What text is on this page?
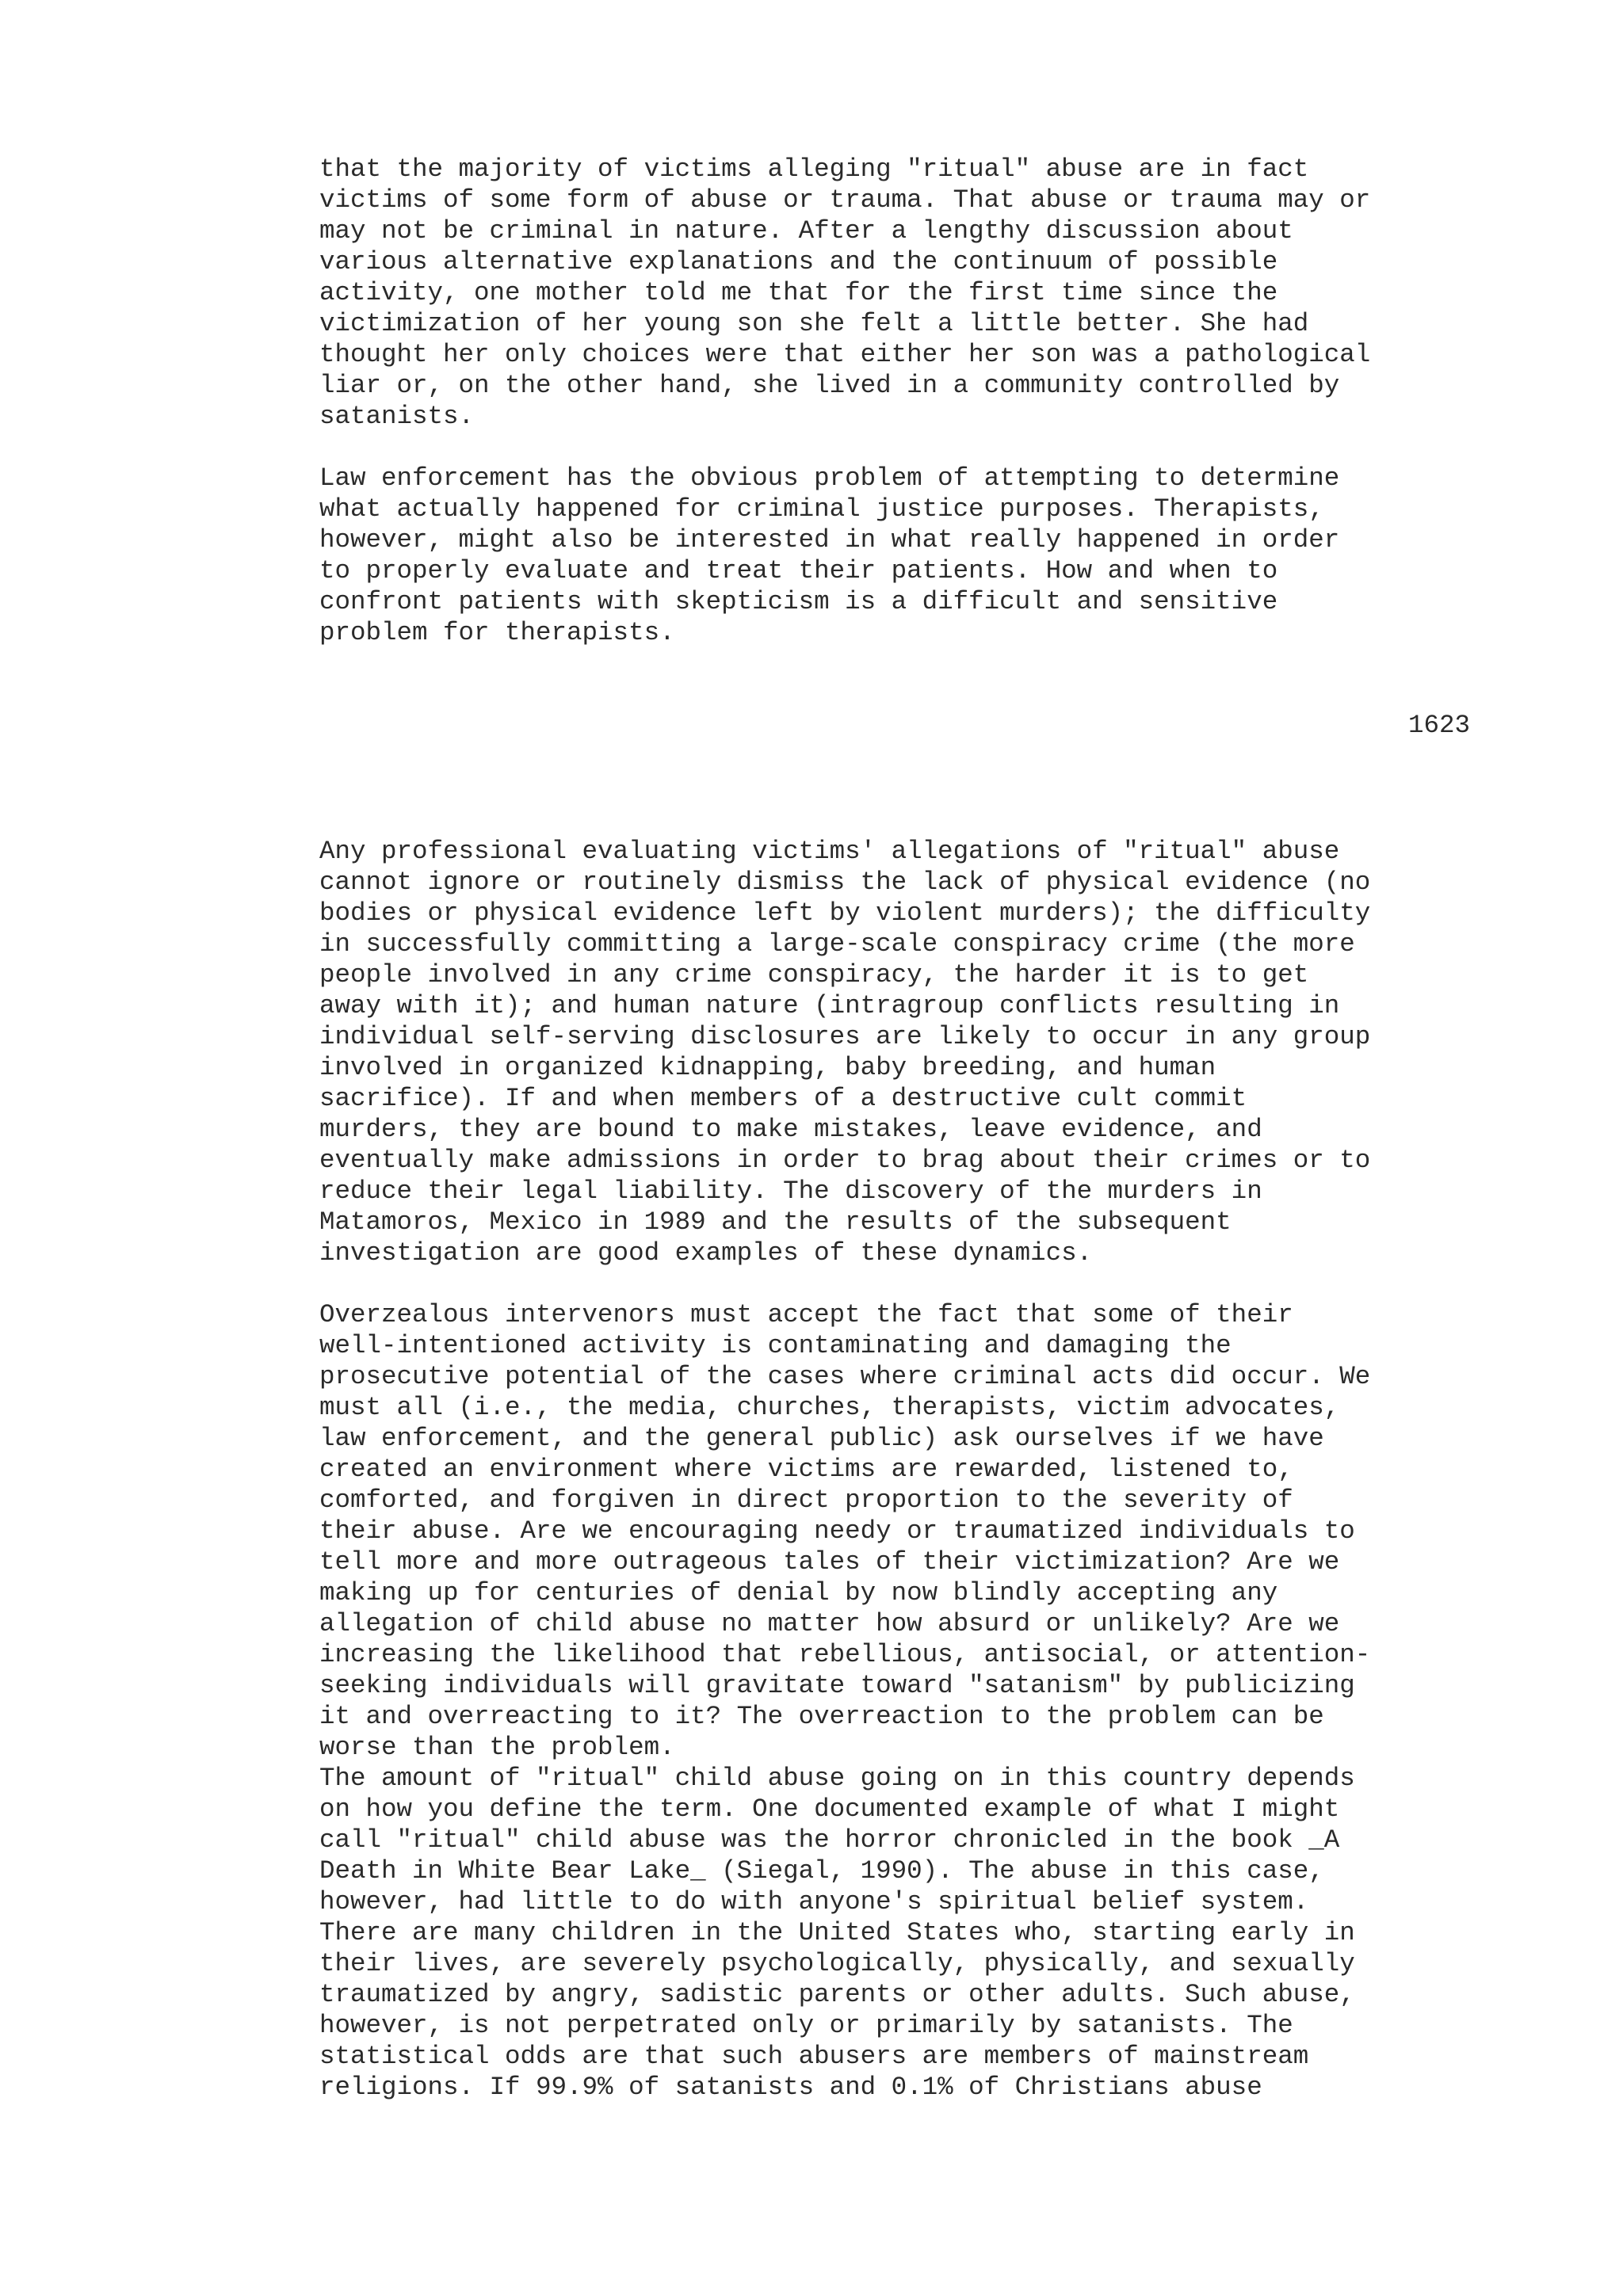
that the majority of victims alleging "ritual" abuse are in fact
victims of some form of abuse or trauma. That abuse or trauma may or
may not be criminal in nature. After a lengthy discussion about
various alternative explanations and the continuum of possible
activity, one mother told me that for the first time since the
victimization of her young son she felt a little better. She had
thought her only choices were that either her son was a pathological
liar or, on the other hand, she lived in a community controlled by
satanists.

Law enforcement has the obvious problem of attempting to determine
what actually happened for criminal justice purposes. Therapists,
however, might also be interested in what really happened in order
to properly evaluate and treat their patients. How and when to
confront patients with skepticism is a difficult and sensitive
problem for therapists.

1623

Any professional evaluating victims' allegations of "ritual" abuse
cannot ignore or routinely dismiss the lack of physical evidence (no
bodies or physical evidence left by violent murders); the difficulty
in successfully committing a large-scale conspiracy crime (the more
people involved in any crime conspiracy, the harder it is to get
away with it); and human nature (intragroup conflicts resulting in
individual self-serving disclosures are likely to occur in any group
involved in organized kidnapping, baby breeding, and human
sacrifice). If and when members of a destructive cult commit
murders, they are bound to make mistakes, leave evidence, and
eventually make admissions in order to brag about their crimes or to
reduce their legal liability. The discovery of the murders in
Matamoros, Mexico in 1989 and the results of the subsequent
investigation are good examples of these dynamics.

Overzealous intervenors must accept the fact that some of their
well-intentioned activity is contaminating and damaging the
prosecutive potential of the cases where criminal acts did occur. We
must all (i.e., the media, churches, therapists, victim advocates,
law enforcement, and the general public) ask ourselves if we have
created an environment where victims are rewarded, listened to,
comforted, and forgiven in direct proportion to the severity of
their abuse. Are we encouraging needy or traumatized individuals to
tell more and more outrageous tales of their victimization? Are we
making up for centuries of denial by now blindly accepting any
allegation of child abuse no matter how absurd or unlikely? Are we
increasing the likelihood that rebellious, antisocial, or attention-
seeking individuals will gravitate toward "satanism" by publicizing
it and overreacting to it? The overreaction to the problem can be
worse than the problem.

The amount of "ritual" child abuse going on in this country depends
on how you define the term. One documented example of what I might
call "ritual" child abuse was the horror chronicled in the book _A
Death in White Bear Lake_ (Siegal, 1990). The abuse in this case,
however, had little to do with anyone's spiritual belief system.
There are many children in the United States who, starting early in
their lives, are severely psychologically, physically, and sexually
traumatized by angry, sadistic parents or other adults. Such abuse,
however, is not perpetrated only or primarily by satanists. The
statistical odds are that such abusers are members of mainstream
religions. If 99.9% of satanists and 0.1% of Christians abuse
